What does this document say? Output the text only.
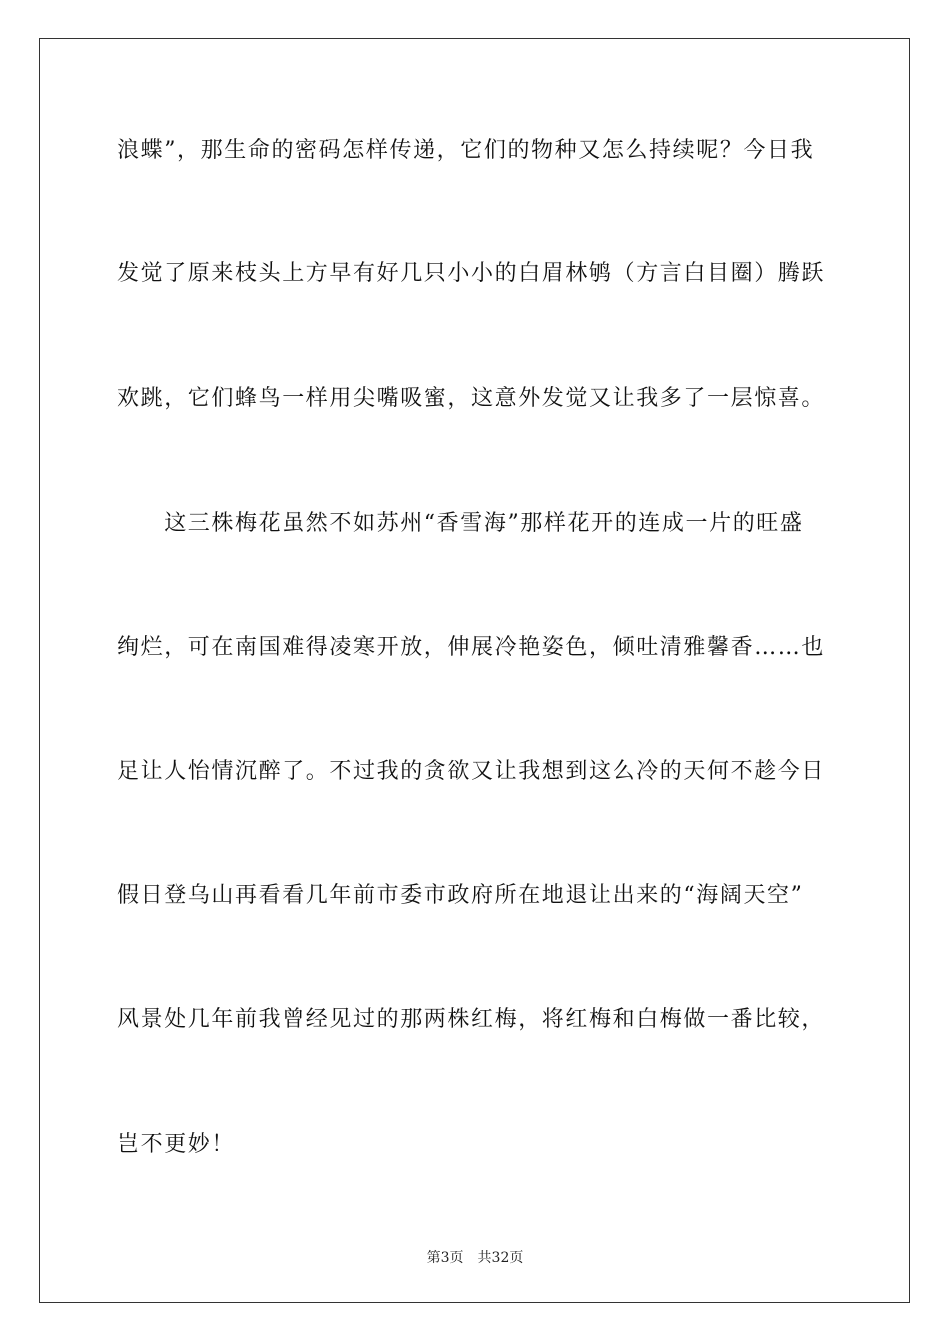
浪蝶”，那生命的密码怎样传递，它们的物种又怎么持续呢？今日我
发觉了原来枝头上方早有好几只小小的白眉林鸲（方言白目圈）腾跃
欢跳，它们蜂鸟一样用尖嘴吸蜜，这意外发觉又让我多了一层惊喜。
　　这三株梅花虽然不如苏州“香雪海”那样花开的连成一片的旺盛
绚烂，可在南国难得凌寒开放，伸展冷艳姿色，倾吐清雅馨香……也
足让人怡情沉醉了。不过我的贪欲又让我想到这么冷的天何不趁今日
假日登乌山再看看几年前市委市政府所在地退让出来的“海阔天空”
风景处几年前我曾经见过的那两株红梅，将红梅和白梅做一番比较，
岂不更妙！
第3页 共32页
